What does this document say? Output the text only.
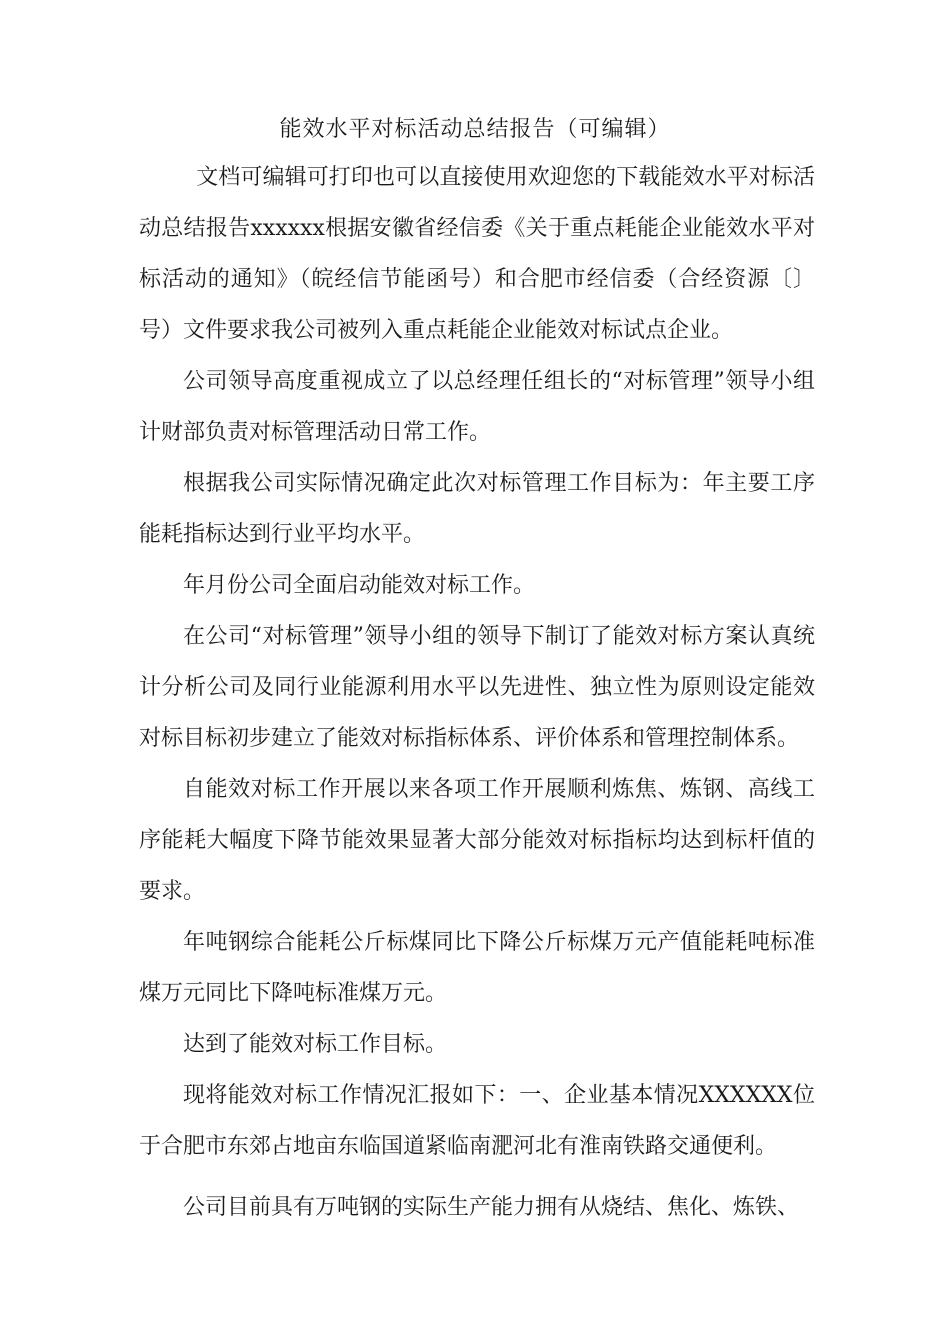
能效水平对标活动总结报告（可编辑）

文档可编辑可打印也可以直接使用欢迎您的下载能效水平对标活动总结报告xxxxxx根据安徽省经信委《关于重点耗能企业能效水平对标活动的通知》（皖经信节能函号）和合肥市经信委（合经资源〔〕号）文件要求我公司被列入重点耗能企业能效对标试点企业。

公司领导高度重视成立了以总经理任组长的“对标管理”领导小组计财部负责对标管理活动日常工作。

根据我公司实际情况确定此次对标管理工作目标为：年主要工序能耗指标达到行业平均水平。

年月份公司全面启动能效对标工作。

在公司“对标管理”领导小组的领导下制订了能效对标方案认真统计分析公司及同行业能源利用水平以先进性、独立性为原则设定能效对标目标初步建立了能效对标指标体系、评价体系和管理控制体系。

自能效对标工作开展以来各项工作开展顺利炼焦、炼钢、高线工序能耗大幅度下降节能效果显著大部分能效对标指标均达到标杆值的要求。

年吨钢综合能耗公斤标煤同比下降公斤标煤万元产值能耗吨标准煤万元同比下降吨标准煤万元。

达到了能效对标工作目标。

现将能效对标工作情况汇报如下：一、企业基本情况XXXXXX位于合肥市东郊占地亩东临国道紧临南淝河北有淮南铁路交通便利。

公司目前具有万吨钢的实际生产能力拥有从烧结、焦化、炼铁、
